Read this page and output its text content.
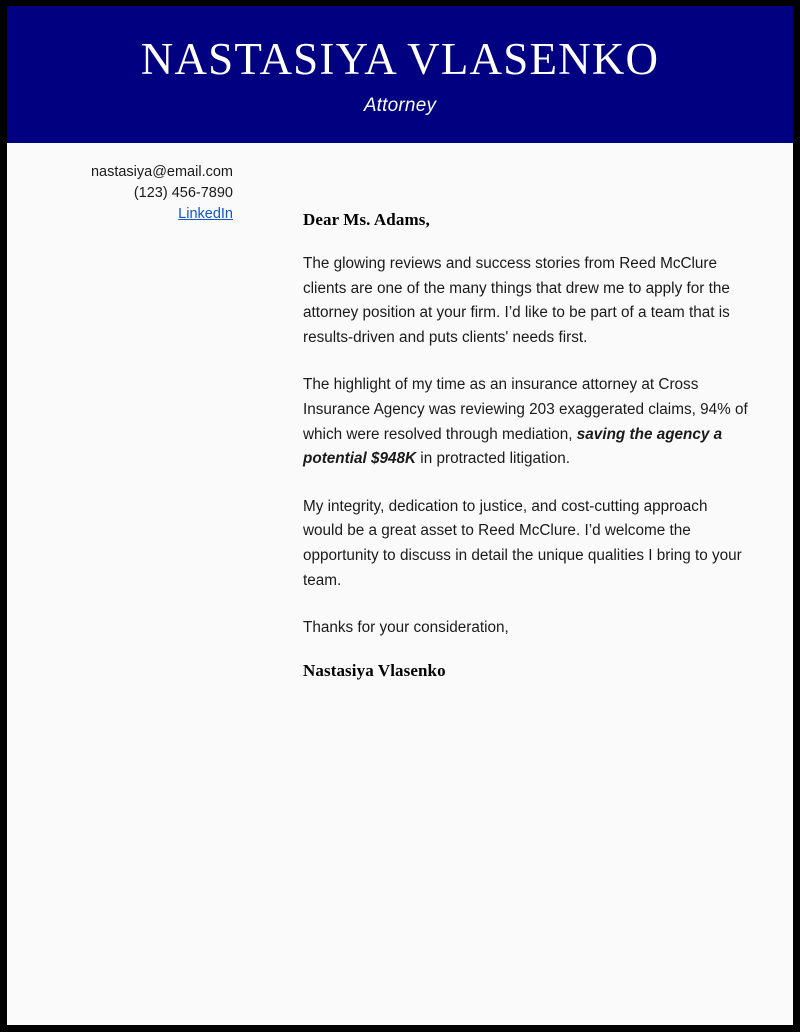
NASTASIYA VLASENKO
Attorney
nastasiya@email.com
(123) 456-7890
LinkedIn	Dear Ms. Adams,

The glowing reviews and success stories from Reed McClure clients are one of the many things that drew me to apply for the attorney position at your firm. I’d like to be part of a team that is results-driven and puts clients' needs first.

The highlight of my time as an insurance attorney at Cross Insurance Agency was reviewing 203 exaggerated claims, 94% of which were resolved through mediation, saving the agency a potential $948K in protracted litigation.

My integrity, dedication to justice, and cost-cutting approach would be a great asset to Reed McClure. I’d welcome the opportunity to discuss in detail the unique qualities I bring to your team.

Thanks for your consideration,

Nastasiya Vlasenko
